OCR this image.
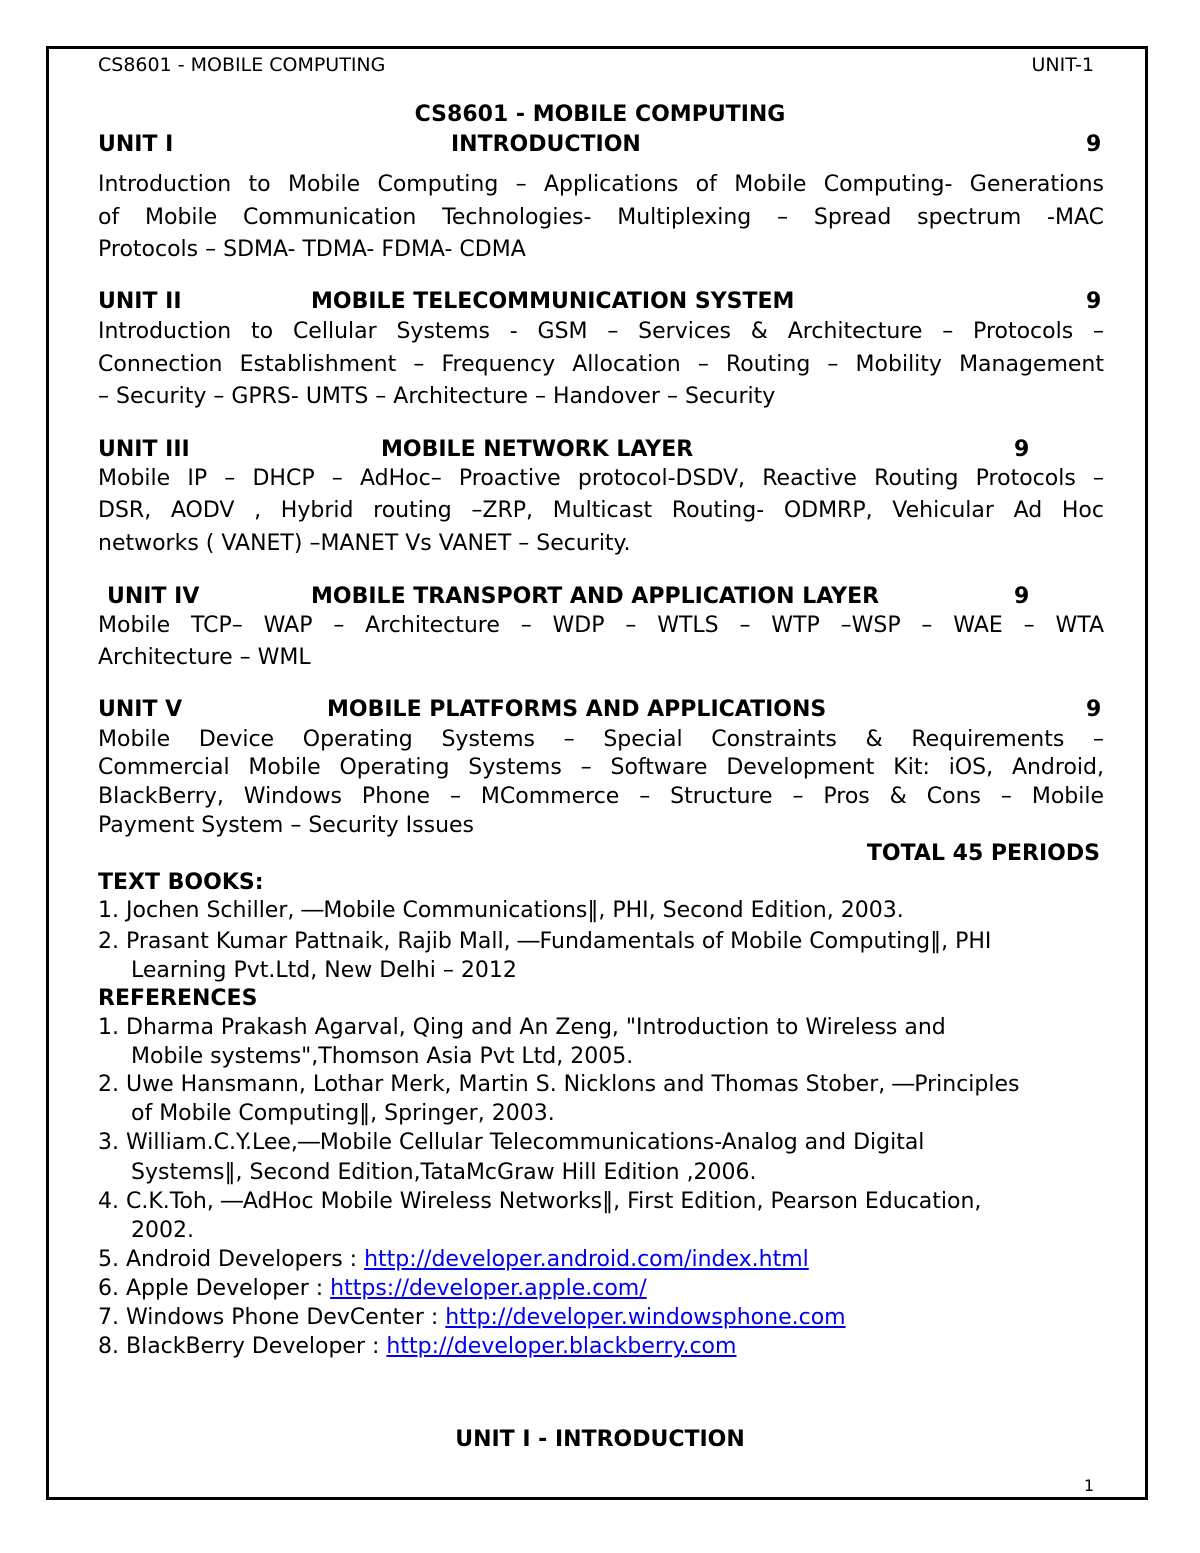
CS8601 - MOBILE COMPUTING	UNIT-1
CS8601 - MOBILE COMPUTING
UNIT I	INTRODUCTION	9
Introduction to Mobile Computing – Applications of Mobile Computing- Generations
of Mobile Communication Technologies- Multiplexing – Spread spectrum -MAC
Protocols – SDMA- TDMA- FDMA- CDMA
UNIT II	MOBILE TELECOMMUNICATION SYSTEM	9
Introduction to Cellular Systems - GSM – Services & Architecture – Protocols –
Connection Establishment – Frequency Allocation – Routing – Mobility Management
– Security – GPRS- UMTS – Architecture – Handover – Security
UNIT III	MOBILE NETWORK LAYER	9
Mobile IP – DHCP – AdHoc– Proactive protocol-DSDV, Reactive Routing Protocols –
DSR, AODV , Hybrid routing –ZRP, Multicast Routing- ODMRP, Vehicular Ad Hoc
networks ( VANET) –MANET Vs VANET – Security.
UNIT IV	MOBILE TRANSPORT AND APPLICATION LAYER	9
Mobile TCP– WAP – Architecture – WDP – WTLS – WTP –WSP – WAE – WTA
Architecture – WML
UNIT V	MOBILE PLATFORMS AND APPLICATIONS	9
Mobile Device Operating Systems – Special Constraints & Requirements –
Commercial Mobile Operating Systems – Software Development Kit: iOS, Android,
BlackBerry, Windows Phone – MCommerce – Structure – Pros & Cons – Mobile
Payment System – Security Issues
TOTAL 45 PERIODS
TEXT BOOKS:
1. Jochen Schiller, ―Mobile Communications‖, PHI, Second Edition, 2003.
2. Prasant Kumar Pattnaik, Rajib Mall, ―Fundamentals of Mobile Computing‖, PHI
Learning Pvt.Ltd, New Delhi – 2012
REFERENCES
1. Dharma Prakash Agarval, Qing and An Zeng, "Introduction to Wireless and
Mobile systems",Thomson Asia Pvt Ltd, 2005.
2. Uwe Hansmann, Lothar Merk, Martin S. Nicklons and Thomas Stober, ―Principles
of Mobile Computing‖, Springer, 2003.
3. William.C.Y.Lee,―Mobile Cellular Telecommunications-Analog and Digital
Systems‖, Second Edition,TataMcGraw Hill Edition ,2006.
4. C.K.Toh, ―AdHoc Mobile Wireless Networks‖, First Edition, Pearson Education,
2002.
5. Android Developers : http://developer.android.com/index.html
6. Apple Developer : https://developer.apple.com/
7. Windows Phone DevCenter : http://developer.windowsphone.com
8. BlackBerry Developer : http://developer.blackberry.com
UNIT I - INTRODUCTION
1
